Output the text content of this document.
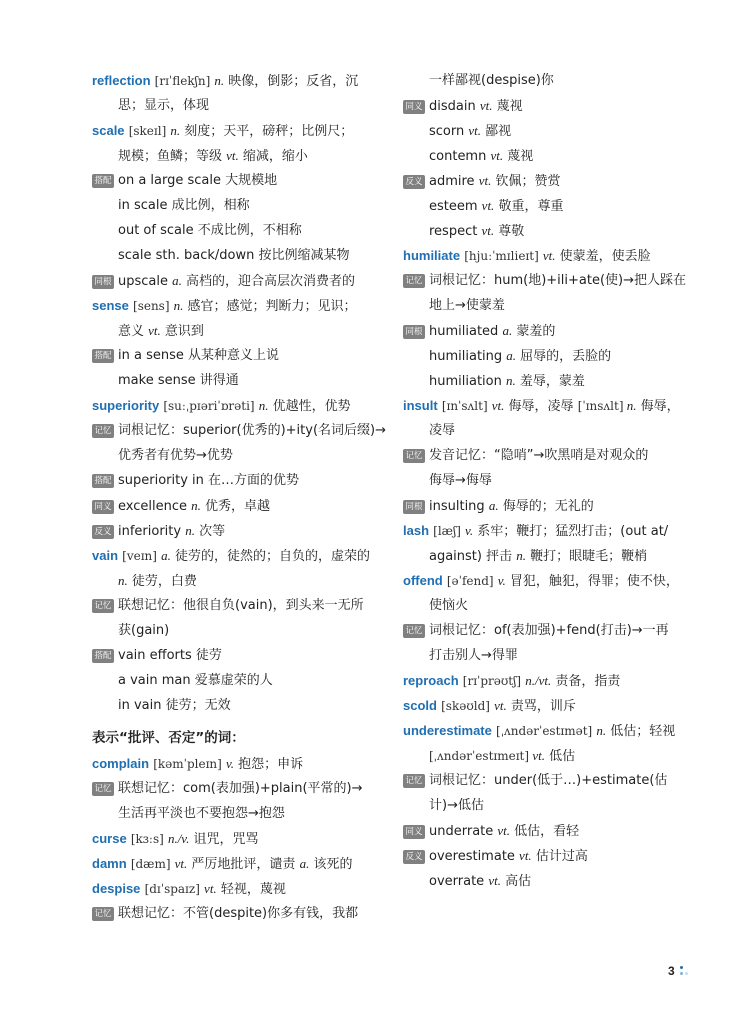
reflection [rɪˈflekʃn] n. 映像，倒影；反省，沉
思；显示，体现
scale [skeɪl] n. 刻度；天平，磅秤；比例尺；
规模；鱼鳞；等级 vt. 缩减，缩小
搭配 on a large scale 大规模地
in scale 成比例，相称
out of scale 不成比例，不相称
scale sth. back/down 按比例缩减某物
同根 upscale a. 高档的，迎合高层次消费者的
sense [sens] n. 感官；感觉；判断力；见识；
意义 vt. 意识到
搭配 in a sense 从某种意义上说
make sense 讲得通
superiority [suːˌpɪəriˈɒrəti] n. 优越性，优势
记忆 词根记忆：superior(优秀的)+ity(名词后缀)→
优秀者有优势→优势
搭配 superiority in 在…方面的优势
同义 excellence n. 优秀，卓越
反义 inferiority n. 次等
vain [veɪn] a. 徒劳的，徒然的；自负的，虚荣的
n. 徒劳，白费
记忆 联想记忆：他很自负(vain)，到头来一无所
获(gain)
搭配 vain efforts 徒劳
a vain man 爱慕虚荣的人
in vain 徒劳；无效
表示“批评、否定”的词：
complain [kəmˈpleɪn] v. 抱怨；申诉
记忆 联想记忆：com(表加强)+plain(平常的)→
生活再平淡也不要抱怨→抱怨
curse [kɜːs] n./v. 诅咒，咒骂
damn [dæm] vt. 严厉地批评，谴责 a. 该死的
despise [dɪˈspaɪz] vt. 轻视，蔑视
记忆 联想记忆：不管(despite)你多有钱，我都
一样鄙视(despise)你
同义 disdain vt. 蔑视
scorn vt. 鄙视
contemn vt. 蔑视
反义 admire vt. 钦佩；赞赏
esteem vt. 敬重，尊重
respect vt. 尊敬
humiliate [hjuːˈmɪlieɪt] vt. 使蒙羞，使丢脸
记忆 词根记忆：hum(地)+ili+ate(使)→把人踩在
地上→使蒙羞
同根 humiliated a. 蒙羞的
humiliating a. 屈辱的，丢脸的
humiliation n. 羞辱，蒙羞
insult [ɪnˈsʌlt] vt. 侮辱，凌辱 [ˈɪnsʌlt] n. 侮辱，
凌辱
记忆 发音记忆：“隐哨”→吹黑哨是对观众的
侮辱→侮辱
同根 insulting a. 侮辱的；无礼的
lash [læʃ] v. 系牢；鞭打；猛烈打击；(out at/
against) 抨击 n. 鞭打；眼睫毛；鞭梢
offend [əˈfend] v. 冒犯，触犯，得罪；使不快，
使恼火
记忆 词根记忆：of(表加强)+fend(打击)→一再
打击别人→得罪
reproach [rɪˈprəʊtʃ] n./vt. 责备，指责
scold [skəʊld] vt. 责骂，训斥
underestimate [ˌʌndərˈestɪmət] n. 低估；轻视
[ˌʌndərˈestɪmeɪt] vt. 低估
记忆 词根记忆：under(低于…)+estimate(估
计)→低估
同义 underrate vt. 低估，看轻
反义 overestimate vt. 估计过高
overrate vt. 高估
3
